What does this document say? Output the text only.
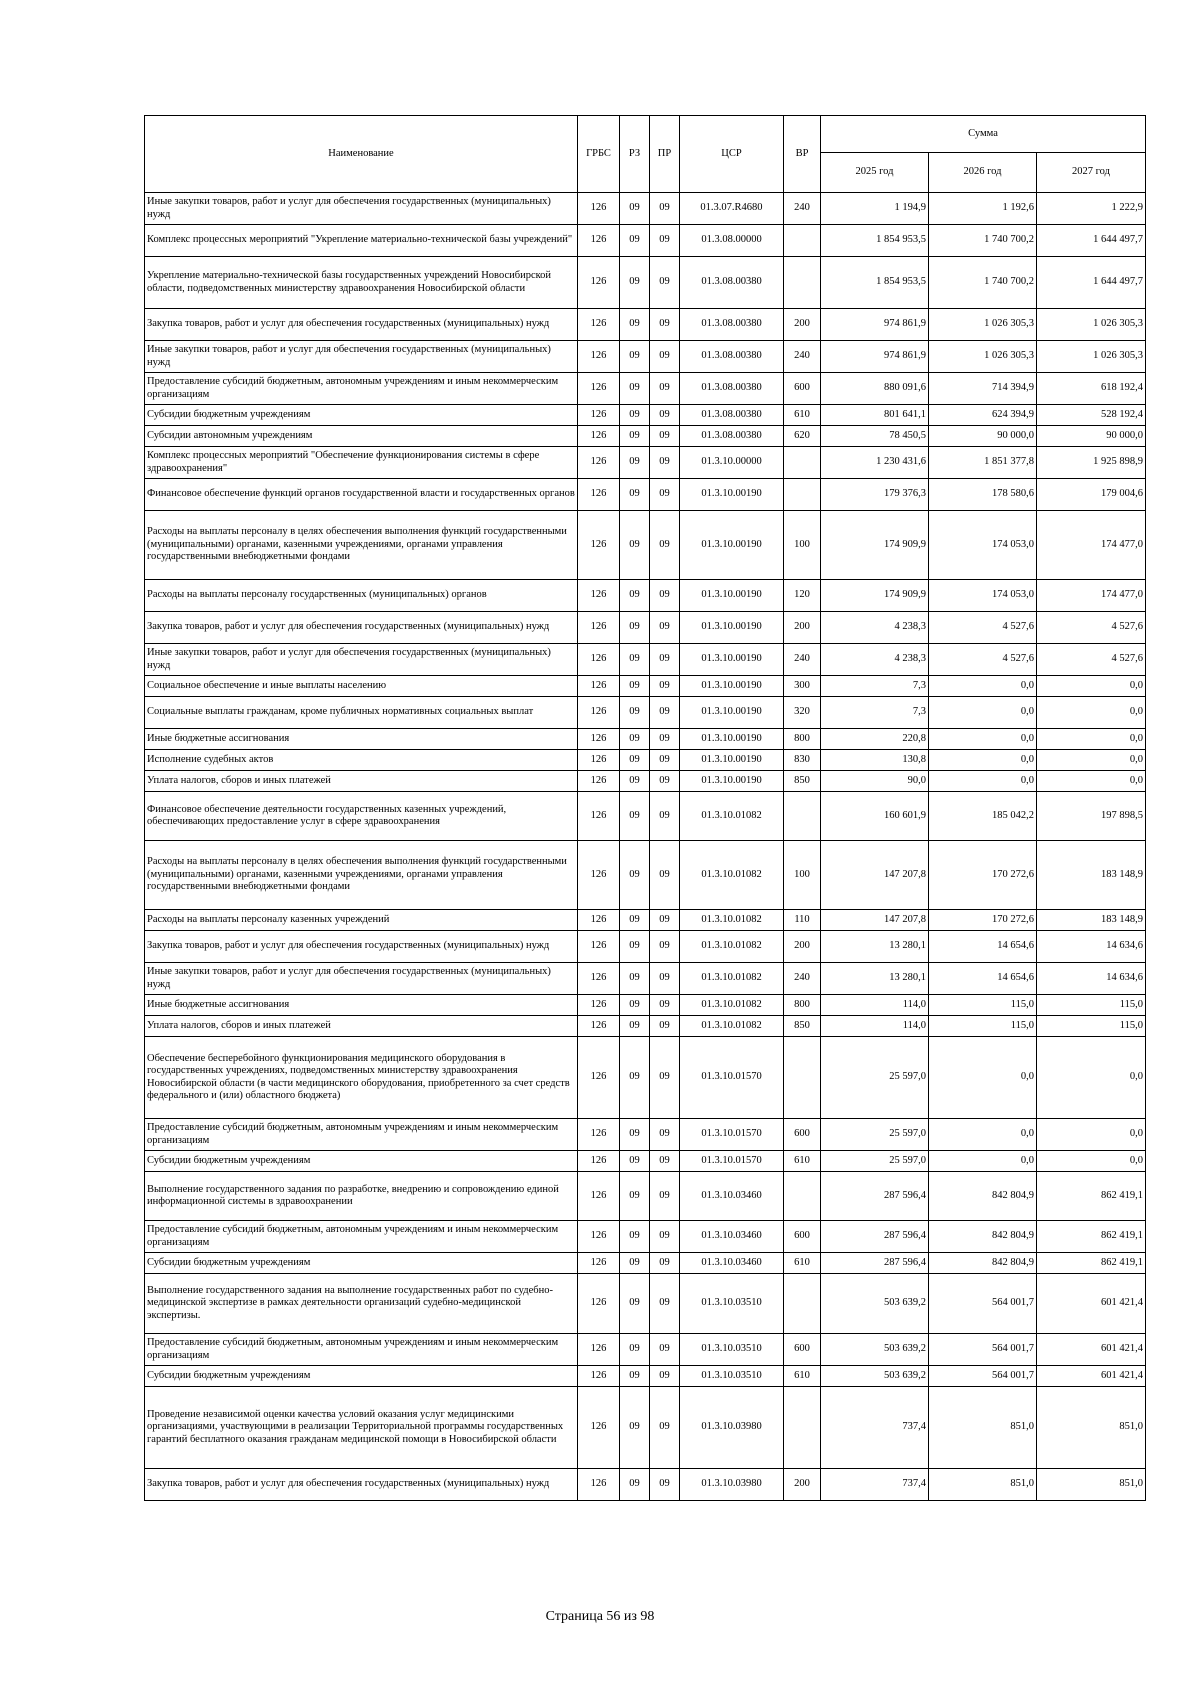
Наименование	ГРБС	РЗ	ПР	ЦСР	ВР	Сумма		
						2025 год	2026 год	2027 год
Иные закупки товаров, работ и услуг для обеспечения государственных (муниципальных) нужд	126	09	09	01.3.07.R4680	240	1 194,9	1 192,6	1 222,9
Комплекс процессных мероприятий "Укрепление материально-технической базы учреждений"	126	09	09	01.3.08.00000		1 854 953,5	1 740 700,2	1 644 497,7
Укрепление материально-технической базы государственных учреждений Новосибирской области, подведомственных министерству здравоохранения Новосибирской области	126	09	09	01.3.08.00380		1 854 953,5	1 740 700,2	1 644 497,7
Закупка товаров, работ и услуг для обеспечения государственных (муниципальных) нужд	126	09	09	01.3.08.00380	200	974 861,9	1 026 305,3	1 026 305,3
Иные закупки товаров, работ и услуг для обеспечения государственных (муниципальных) нужд	126	09	09	01.3.08.00380	240	974 861,9	1 026 305,3	1 026 305,3
Предоставление субсидий бюджетным, автономным учреждениям и иным некоммерческим организациям	126	09	09	01.3.08.00380	600	880 091,6	714 394,9	618 192,4
Субсидии бюджетным учреждениям	126	09	09	01.3.08.00380	610	801 641,1	624 394,9	528 192,4
Субсидии автономным учреждениям	126	09	09	01.3.08.00380	620	78 450,5	90 000,0	90 000,0
Комплекс процессных мероприятий "Обеспечение функционирования системы в сфере здравоохранения"	126	09	09	01.3.10.00000		1 230 431,6	1 851 377,8	1 925 898,9
Финансовое обеспечение функций органов государственной власти и государственных органов	126	09	09	01.3.10.00190		179 376,3	178 580,6	179 004,6
Расходы на выплаты персоналу в целях обеспечения выполнения функций государственными (муниципальными) органами, казенными учреждениями, органами управления государственными внебюджетными фондами	126	09	09	01.3.10.00190	100	174 909,9	174 053,0	174 477,0
Расходы на выплаты персоналу государственных (муниципальных) органов	126	09	09	01.3.10.00190	120	174 909,9	174 053,0	174 477,0
Закупка товаров, работ и услуг для обеспечения государственных (муниципальных) нужд	126	09	09	01.3.10.00190	200	4 238,3	4 527,6	4 527,6
Иные закупки товаров, работ и услуг для обеспечения государственных (муниципальных) нужд	126	09	09	01.3.10.00190	240	4 238,3	4 527,6	4 527,6
Социальное обеспечение и иные выплаты населению	126	09	09	01.3.10.00190	300	7,3	0,0	0,0
Социальные выплаты гражданам, кроме публичных нормативных социальных выплат	126	09	09	01.3.10.00190	320	7,3	0,0	0,0
Иные бюджетные ассигнования	126	09	09	01.3.10.00190	800	220,8	0,0	0,0
Исполнение судебных актов	126	09	09	01.3.10.00190	830	130,8	0,0	0,0
Уплата налогов, сборов и иных платежей	126	09	09	01.3.10.00190	850	90,0	0,0	0,0
Финансовое обеспечение деятельности государственных казенных учреждений, обеспечивающих предоставление услуг в сфере здравоохранения	126	09	09	01.3.10.01082		160 601,9	185 042,2	197 898,5
Расходы на выплаты персоналу в целях обеспечения выполнения функций государственными (муниципальными) органами, казенными учреждениями, органами управления государственными внебюджетными фондами	126	09	09	01.3.10.01082	100	147 207,8	170 272,6	183 148,9
Расходы на выплаты персоналу казенных учреждений	126	09	09	01.3.10.01082	110	147 207,8	170 272,6	183 148,9
Закупка товаров, работ и услуг для обеспечения государственных (муниципальных) нужд	126	09	09	01.3.10.01082	200	13 280,1	14 654,6	14 634,6
Иные закупки товаров, работ и услуг для обеспечения государственных (муниципальных) нужд	126	09	09	01.3.10.01082	240	13 280,1	14 654,6	14 634,6
Иные бюджетные ассигнования	126	09	09	01.3.10.01082	800	114,0	115,0	115,0
Уплата налогов, сборов и иных платежей	126	09	09	01.3.10.01082	850	114,0	115,0	115,0
Обеспечение бесперебойного функционирования медицинского оборудования в государственных учреждениях, подведомственных министерству здравоохранения Новосибирской области (в части медицинского оборудования, приобретенного за счет средств федерального и (или) областного бюджета)	126	09	09	01.3.10.01570		25 597,0	0,0	0,0
Предоставление субсидий бюджетным, автономным учреждениям и иным некоммерческим организациям	126	09	09	01.3.10.01570	600	25 597,0	0,0	0,0
Субсидии бюджетным учреждениям	126	09	09	01.3.10.01570	610	25 597,0	0,0	0,0
Выполнение государственного задания по разработке, внедрению и сопровождению единой информационной системы в здравоохранении	126	09	09	01.3.10.03460		287 596,4	842 804,9	862 419,1
Предоставление субсидий бюджетным, автономным учреждениям и иным некоммерческим организациям	126	09	09	01.3.10.03460	600	287 596,4	842 804,9	862 419,1
Субсидии бюджетным учреждениям	126	09	09	01.3.10.03460	610	287 596,4	842 804,9	862 419,1
Выполнение государственного задания на выполнение государственных работ по судебно-медицинской экспертизе в рамках деятельности организаций судебно-медицинской экспертизы.	126	09	09	01.3.10.03510		503 639,2	564 001,7	601 421,4
Предоставление субсидий бюджетным, автономным учреждениям и иным некоммерческим организациям	126	09	09	01.3.10.03510	600	503 639,2	564 001,7	601 421,4
Субсидии бюджетным учреждениям	126	09	09	01.3.10.03510	610	503 639,2	564 001,7	601 421,4
Проведение независимой оценки качества условий оказания услуг медицинскими организациями, участвующими в реализации Территориальной программы государственных гарантий бесплатного оказания гражданам медицинской помощи в Новосибирской области	126	09	09	01.3.10.03980		737,4	851,0	851,0
Закупка товаров, работ и услуг для обеспечения государственных (муниципальных) нужд	126	09	09	01.3.10.03980	200	737,4	851,0	851,0
Страница 56 из 98
